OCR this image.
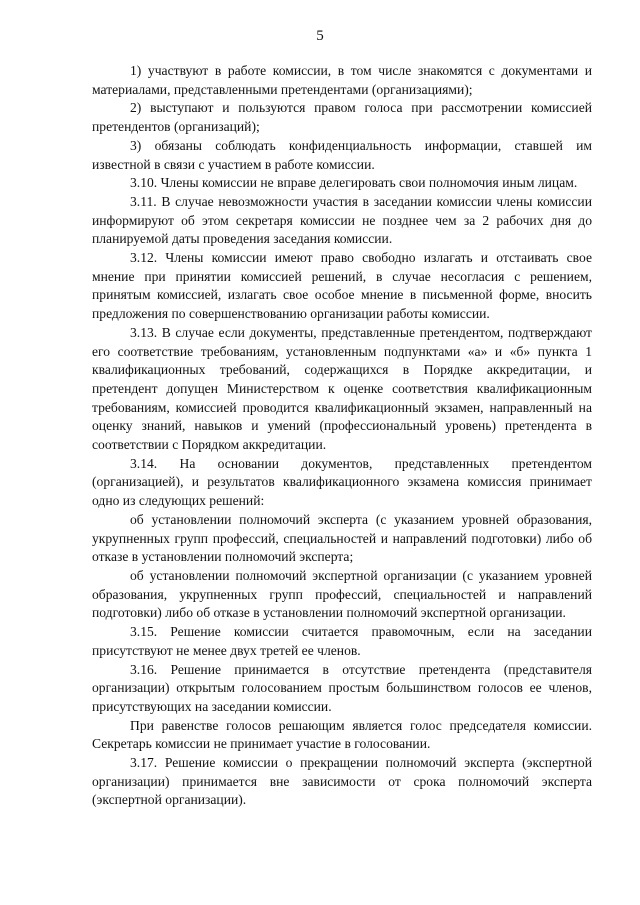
5

1) участвуют в работе комиссии, в том числе знакомятся с документами и материалами, представленными претендентами (организациями);

2) выступают и пользуются правом голоса при рассмотрении комиссией претендентов (организаций);

3) обязаны соблюдать конфиденциальность информации, ставшей им известной в связи с участием в работе комиссии.

3.10. Члены комиссии не вправе делегировать свои полномочия иным лицам.

3.11. В случае невозможности участия в заседании комиссии члены комиссии информируют об этом секретаря комиссии не позднее чем за 2 рабочих дня до планируемой даты проведения заседания комиссии.

3.12. Члены комиссии имеют право свободно излагать и отстаивать свое мнение при принятии комиссией решений, в случае несогласия с решением, принятым комиссией, излагать свое особое мнение в письменной форме, вносить предложения по совершенствованию организации работы комиссии.

3.13. В случае если документы, представленные претендентом, подтверждают его соответствие требованиям, установленным подпунктами «а» и «б» пункта 1 квалификационных требований, содержащихся в Порядке аккредитации, и претендент допущен Министерством к оценке соответствия квалификационным требованиям, комиссией проводится квалификационный экзамен, направленный на оценку знаний, навыков и умений (профессиональный уровень) претендента в соответствии с Порядком аккредитации.

3.14. На основании документов, представленных претендентом (организацией), и результатов квалификационного экзамена комиссия принимает одно из следующих решений:

об установлении полномочий эксперта (с указанием уровней образования, укрупненных групп профессий, специальностей и направлений подготовки) либо об отказе в установлении полномочий эксперта;

об установлении полномочий экспертной организации (с указанием уровней образования, укрупненных групп профессий, специальностей и направлений подготовки) либо об отказе в установлении полномочий экспертной организации.

3.15. Решение комиссии считается правомочным, если на заседании присутствуют не менее двух третей ее членов.

3.16. Решение принимается в отсутствие претендента (представителя организации) открытым голосованием простым большинством голосов ее членов, присутствующих на заседании комиссии.

При равенстве голосов решающим является голос председателя комиссии. Секретарь комиссии не принимает участие в голосовании.

3.17. Решение комиссии о прекращении полномочий эксперта (экспертной организации) принимается вне зависимости от срока полномочий эксперта (экспертной организации).
